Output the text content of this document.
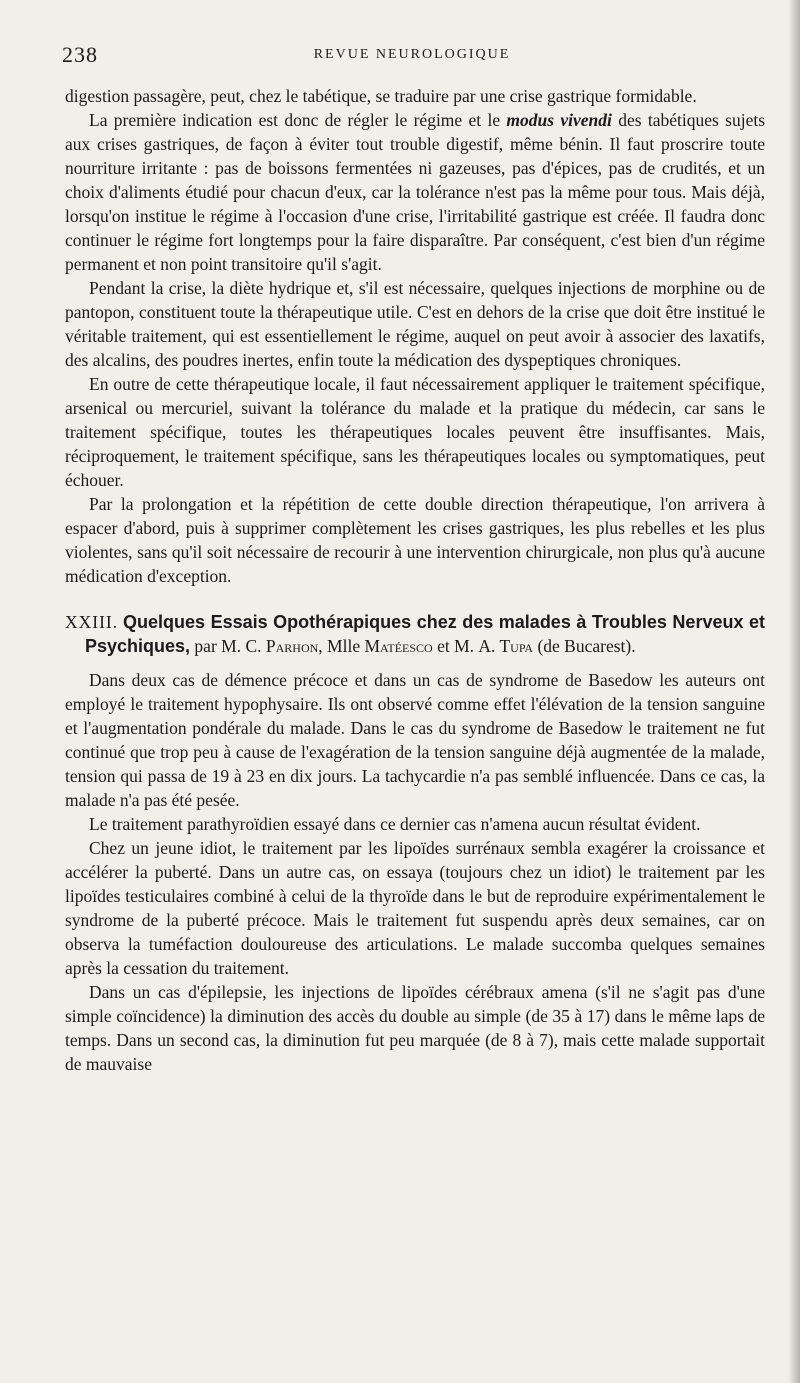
238	REVUE NEUROLOGIQUE

digestion passagère, peut, chez le tabétique, se traduire par une crise gastrique formidable.

La première indication est donc de régler le régime et le modus vivendi des tabétiques sujets aux crises gastriques, de façon à éviter tout trouble digestif, même bénin. Il faut proscrire toute nourriture irritante : pas de boissons fermentées ni gazeuses, pas d'épices, pas de crudités, et un choix d'aliments étudié pour chacun d'eux, car la tolérance n'est pas la même pour tous. Mais déjà, lorsqu'on institue le régime à l'occasion d'une crise, l'irritabilité gastrique est créée. Il faudra donc continuer le régime fort longtemps pour la faire disparaître. Par conséquent, c'est bien d'un régime permanent et non point transitoire qu'il s'agit.

Pendant la crise, la diète hydrique et, s'il est nécessaire, quelques injections de morphine ou de pantopon, constituent toute la thérapeutique utile. C'est en dehors de la crise que doit être institué le véritable traitement, qui est essentiellement le régime, auquel on peut avoir à associer des laxatifs, des alcalins, des poudres inertes, enfin toute la médication des dyspeptiques chroniques.

En outre de cette thérapeutique locale, il faut nécessairement appliquer le traitement spécifique, arsenical ou mercuriel, suivant la tolérance du malade et la pratique du médecin, car sans le traitement spécifique, toutes les thérapeutiques locales peuvent être insuffisantes. Mais, réciproquement, le traitement spécifique, sans les thérapeutiques locales ou symptomatiques, peut échouer.

Par la prolongation et la répétition de cette double direction thérapeutique, l'on arrivera à espacer d'abord, puis à supprimer complètement les crises gastriques, les plus rebelles et les plus violentes, sans qu'il soit nécessaire de recourir à une intervention chirurgicale, non plus qu'à aucune médication d'exception.

XXIII. Quelques Essais Opothérapiques chez des malades à Troubles Nerveux et Psychiques, par M. C. Parhon, Mlle Matéesco et M. A. Tupa (de Bucarest).

Dans deux cas de démence précoce et dans un cas de syndrome de Basedow les auteurs ont employé le traitement hypophysaire. Ils ont observé comme effet l'élévation de la tension sanguine et l'augmentation pondérale du malade. Dans le cas du syndrome de Basedow le traitement ne fut continué que trop peu à cause de l'exagération de la tension sanguine déjà augmentée de la malade, tension qui passa de 19 à 23 en dix jours. La tachycardie n'a pas semblé influencée. Dans ce cas, la malade n'a pas été pesée.

Le traitement parathyroïdien essayé dans ce dernier cas n'amena aucun résultat évident.

Chez un jeune idiot, le traitement par les lipoïdes surrénaux sembla exagérer la croissance et accélérer la puberté. Dans un autre cas, on essaya (toujours chez un idiot) le traitement par les lipoïdes testiculaires combiné à celui de la thyroïde dans le but de reproduire expérimentalement le syndrome de la puberté précoce. Mais le traitement fut suspendu après deux semaines, car on observa la tuméfaction douloureuse des articulations. Le malade succomba quelques semaines après la cessation du traitement.

Dans un cas d'épilepsie, les injections de lipoïdes cérébraux amena (s'il ne s'agit pas d'une simple coïncidence) la diminution des accès du double au simple (de 35 à 17) dans le même laps de temps. Dans un second cas, la diminution fut peu marquée (de 8 à 7), mais cette malade supportait de mauvaise
